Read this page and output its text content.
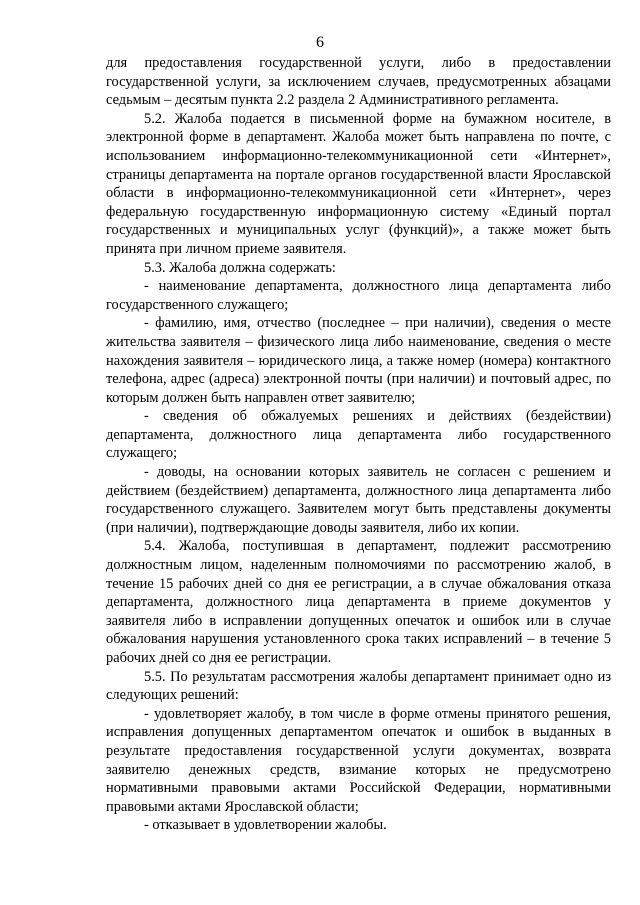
6

для предоставления государственной услуги, либо в предоставлении государственной услуги, за исключением случаев, предусмотренных абзацами седьмым – десятым пункта 2.2 раздела 2 Административного регламента.

5.2. Жалоба подается в письменной форме на бумажном носителе, в электронной форме в департамент. Жалоба может быть направлена по почте, с использованием информационно-телекоммуникационной сети «Интернет», страницы департамента на портале органов государственной власти Ярославской области в информационно-телекоммуникационной сети «Интернет», через федеральную государственную информационную систему «Единый портал государственных и муниципальных услуг (функций)», а также может быть принята при личном приеме заявителя.

5.3. Жалоба должна содержать:

- наименование департамента, должностного лица департамента либо государственного служащего;

- фамилию, имя, отчество (последнее – при наличии), сведения о месте жительства заявителя – физического лица либо наименование, сведения о месте нахождения заявителя – юридического лица, а также номер (номера) контактного телефона, адрес (адреса) электронной почты (при наличии) и почтовый адрес, по которым должен быть направлен ответ заявителю;

- сведения об обжалуемых решениях и действиях (бездействии) департамента, должностного лица департамента либо государственного служащего;

- доводы, на основании которых заявитель не согласен с решением и действием (бездействием) департамента, должностного лица департамента либо государственного служащего. Заявителем могут быть представлены документы (при наличии), подтверждающие доводы заявителя, либо их копии.

5.4. Жалоба, поступившая в департамент, подлежит рассмотрению должностным лицом, наделенным полномочиями по рассмотрению жалоб, в течение 15 рабочих дней со дня ее регистрации, а в случае обжалования отказа департамента, должностного лица департамента в приеме документов у заявителя либо в исправлении допущенных опечаток и ошибок или в случае обжалования нарушения установленного срока таких исправлений – в течение 5 рабочих дней со дня ее регистрации.

5.5. По результатам рассмотрения жалобы департамент принимает одно из следующих решений:

- удовлетворяет жалобу, в том числе в форме отмены принятого решения, исправления допущенных департаментом опечаток и ошибок в выданных в результате предоставления государственной услуги документах, возврата заявителю денежных средств, взимание которых не предусмотрено нормативными правовыми актами Российской Федерации, нормативными правовыми актами Ярославской области;

- отказывает в удовлетворении жалобы.
